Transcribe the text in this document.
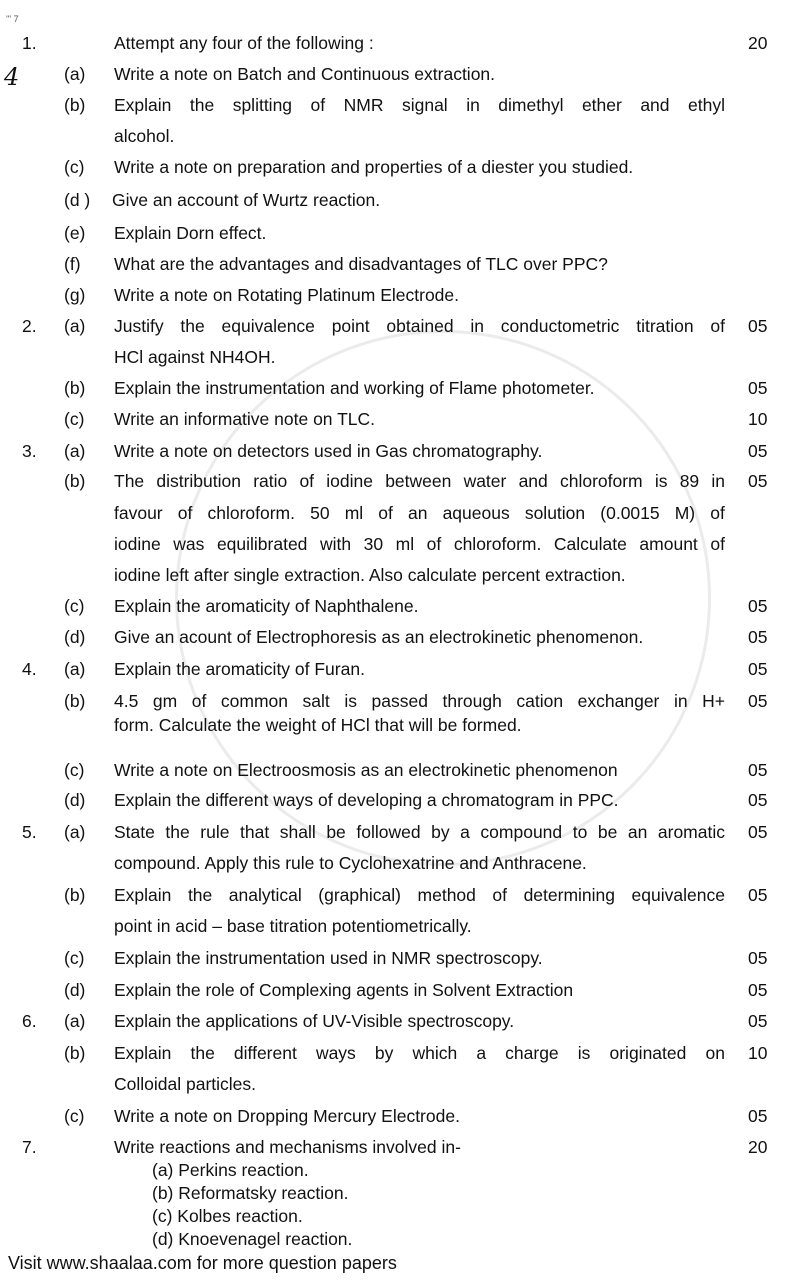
''' 7
4
1.	Attempt any four of the following :	20
(a) Write a note on Batch and Continuous extraction.
(b) Explain the splitting of NMR signal in dimethyl ether and ethyl
alcohol.
(c) Write a note on preparation and properties of a diester you studied.
(d ) Give an account of Wurtz reaction.
(e) Explain Dorn effect.
(f) What are the advantages and disadvantages of TLC over PPC?
(g) Write a note on Rotating Platinum Electrode.
2. (a) Justify the equivalence point obtained in conductometric titration of 05
HCl against NH4OH.
(b) Explain the instrumentation and working of Flame photometer.	05
(c) Write an informative note on TLC.	10
3. (a) Write a note on detectors used in Gas chromatography.	05
(b) The distribution ratio of iodine between water and chloroform is 89 in 05
favour of chloroform. 50 ml of an aqueous solution (0.0015 M) of
iodine was equilibrated with 30 ml of chloroform. Calculate amount of
iodine left after single extraction. Also calculate percent extraction.
(c) Explain the aromaticity of Naphthalene.	05
(d) Give an acount of Electrophoresis as an electrokinetic phenomenon.	05
4. (a) Explain the aromaticity of Furan.	05
(b) 4.5 gm of common salt is passed through cation exchanger in H+ 05
form. Calculate the weight of HCl that will be formed.
(c) Write a note on Electroosmosis as an electrokinetic phenomenon	05
(d) Explain the different ways of developing a chromatogram in PPC.	05
5. (a) State the rule that shall be followed by a compound to be an aromatic 05
compound. Apply this rule to Cyclohexatrine and Anthracene.
(b) Explain the analytical (graphical) method of determining equivalence 05
point in acid – base titration potentiometrically.
(c) Explain the instrumentation used in NMR spectroscopy.	05
(d) Explain the role of Complexing agents in Solvent Extraction	05
6. (a) Explain the applications of UV-Visible spectroscopy.	05
(b) Explain the different ways by which a charge is originated on 10
Colloidal particles.
(c) Write a note on Dropping Mercury Electrode.	05
7.	Write reactions and mechanisms involved in-	20
(a) Perkins reaction.
(b) Reformatsky reaction.
(c) Kolbes reaction.
(d) Knoevenagel reaction.
Visit www.shaalaa.com for more question papers
